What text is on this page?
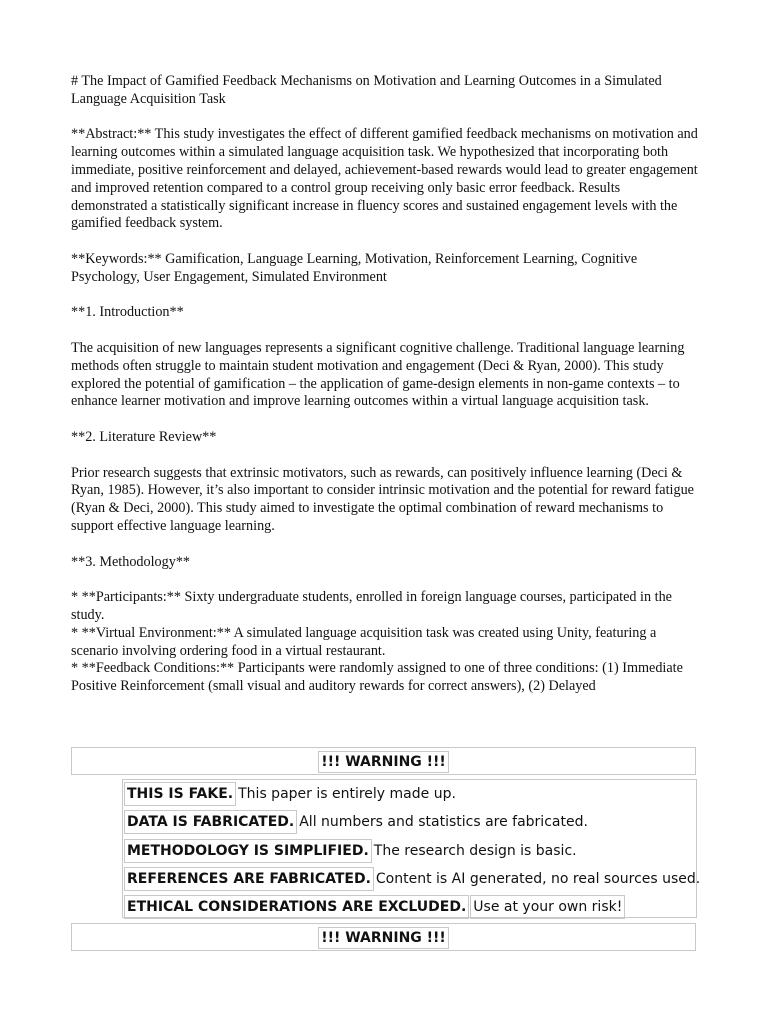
# The Impact of Gamified Feedback Mechanisms on Motivation and Learning Outcomes in a Simulated Language Acquisition Task

**Abstract:** This study investigates the effect of different gamified feedback mechanisms on motivation and learning outcomes within a simulated language acquisition task. We hypothesized that incorporating both immediate, positive reinforcement and delayed, achievement-based rewards would lead to greater engagement and improved retention compared to a control group receiving only basic error feedback. Results demonstrated a statistically significant increase in fluency scores and sustained engagement levels with the gamified feedback system.

**Keywords:** Gamification, Language Learning, Motivation, Reinforcement Learning, Cognitive Psychology, User Engagement, Simulated Environment

**1. Introduction**

The acquisition of new languages represents a significant cognitive challenge. Traditional language learning methods often struggle to maintain student motivation and engagement (Deci & Ryan, 2000). This study explored the potential of gamification – the application of game-design elements in non-game contexts – to enhance learner motivation and improve learning outcomes within a virtual language acquisition task.

**2. Literature Review**

Prior research suggests that extrinsic motivators, such as rewards, can positively influence learning (Deci & Ryan, 1985). However, it’s also important to consider intrinsic motivation and the potential for reward fatigue (Ryan & Deci, 2000). This study aimed to investigate the optimal combination of reward mechanisms to support effective language learning.

**3. Methodology**

* **Participants:** Sixty undergraduate students, enrolled in foreign language courses, participated in the study.

* **Virtual Environment:** A simulated language acquisition task was created using Unity, featuring a scenario involving ordering food in a virtual restaurant.

* **Feedback Conditions:** Participants were randomly assigned to one of three conditions: (1) Immediate Positive Reinforcement (small visual and auditory rewards for correct answers), (2) Delayed

!!! WARNING !!!
THIS IS FAKE. This paper is entirely made up.
DATA IS FABRICATED. All numbers and statistics are fabricated.
METHODOLOGY IS SIMPLIFIED. The research design is basic.
REFERENCES ARE FABRICATED. Content is AI generated, no real sources used.
ETHICAL CONSIDERATIONS ARE EXCLUDED. Use at your own risk!
!!! WARNING !!!
